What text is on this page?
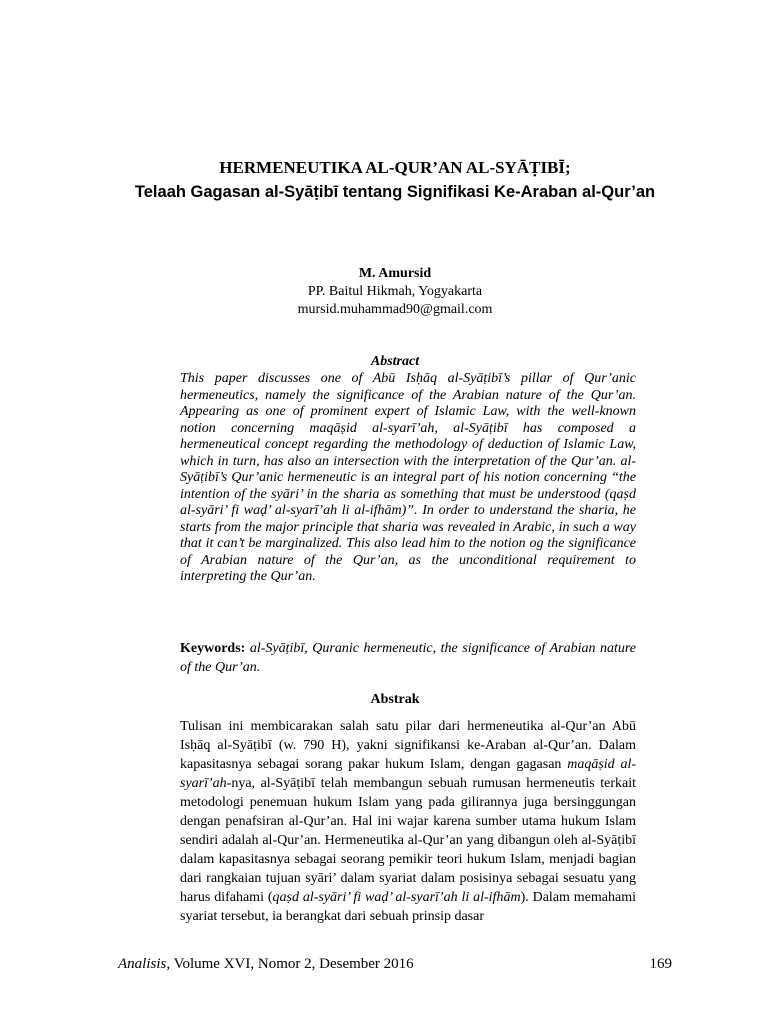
HERMENEUTIKA AL-QUR’AN AL-SYĀṬIBĪ;
Telaah Gagasan al-Syāṭibī tentang Signifikasi Ke-Araban al-Qur’an
M. Amursid
PP. Baitul Hikmah, Yogyakarta
mursid.muhammad90@gmail.com
Abstract

This paper discusses one of Abū Isḥāq al-Syāṭibī’s pillar of Qur’anic hermeneutics, namely the significance of the Arabian nature of the Qur’an. Appearing as one of prominent expert of Islamic Law, with the well-known notion concerning maqāṣid al-syarī’ah, al-Syāṭibī has composed a hermeneutical concept regarding the methodology of deduction of Islamic Law, which in turn, has also an intersection with the interpretation of the Qur’an. al-Syāṭibī’s Qur’anic hermeneutic is an integral part of his notion concerning “the intention of the syāri’ in the sharia as something that must be understood (qaṣd al-syāri’ fi waḍ’ al-syarī’ah li al-ifhām)”. In order to understand the sharia, he starts from the major principle that sharia was revealed in Arabic, in such a way that it can’t be marginalized. This also lead him to the notion og the significance of Arabian nature of the Qur’an, as the unconditional requirement to interpreting the Qur’an.

Keywords: al-Syāṭibī, Quranic hermeneutic, the significance of Arabian nature of the Qur’an.
Abstrak

Tulisan ini membicarakan salah satu pilar dari hermeneutika al-Qur’an Abū Isḥāq al-Syāṭibī (w. 790 H), yakni signifikansi ke-Araban al-Qur’an. Dalam kapasitasnya sebagai sorang pakar hukum Islam, dengan gagasan maqāṣid al-syarī’ah-nya, al-Syāṭibī telah membangun sebuah rumusan hermeneutis terkait metodologi penemuan hukum Islam yang pada gilirannya juga bersinggungan dengan penafsiran al-Qur’an. Hal ini wajar karena sumber utama hukum Islam sendiri adalah al-Qur’an. Hermeneutika al-Qur’an yang dibangun oleh al-Syāṭibī dalam kapasitasnya sebagai seorang pemikir teori hukum Islam, menjadi bagian dari rangkaian tujuan syāri’ dalam syariat dalam posisinya sebagai sesuatu yang harus difahami (qaṣd al-syāri’ fi waḍ’ al-syarī’ah li al-ifhām). Dalam memahami syariat tersebut, ia berangkat dari sebuah prinsip dasar

Analisis, Volume XVI, Nomor 2, Desember 2016	169
